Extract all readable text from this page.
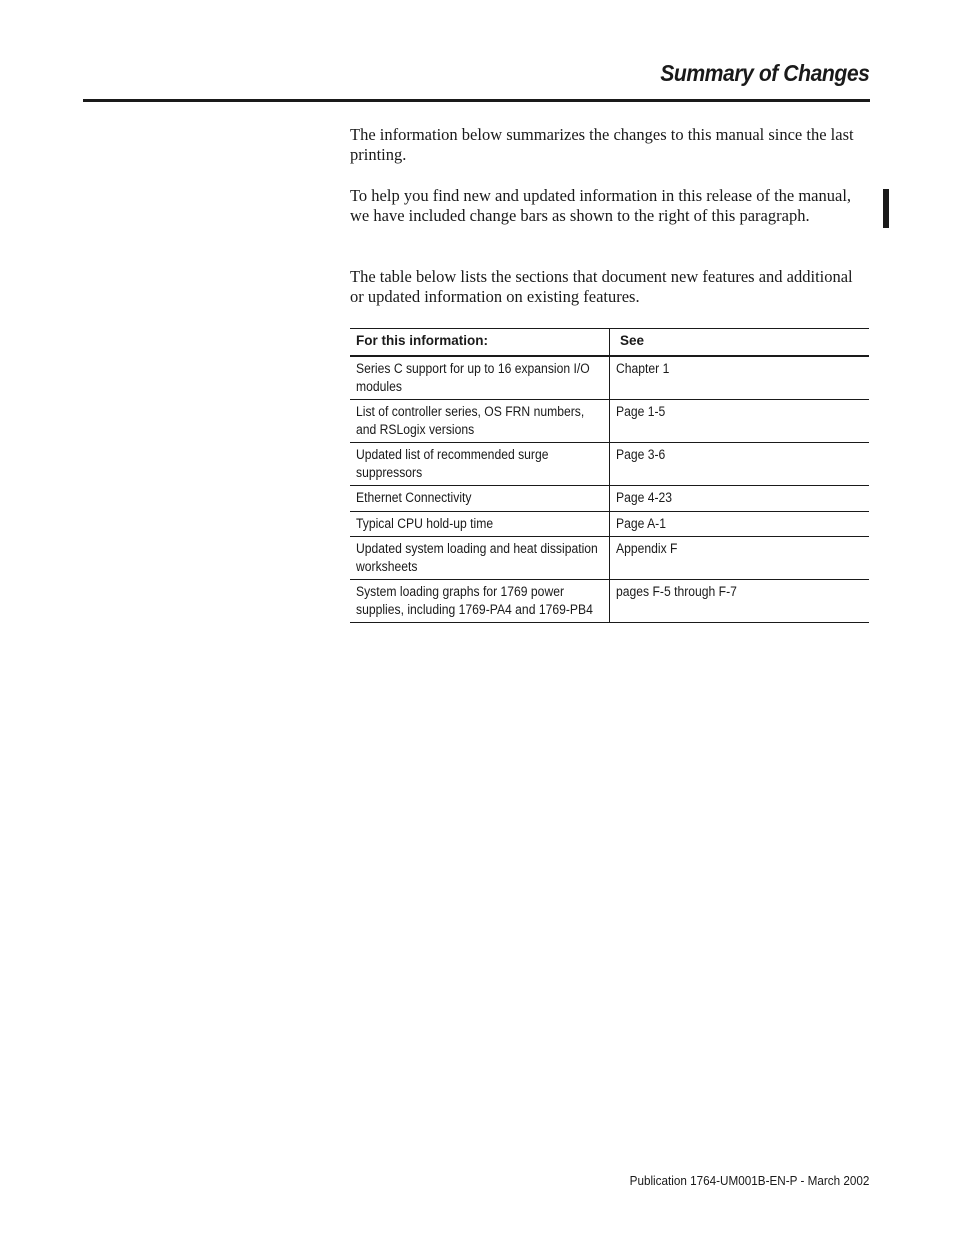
Summary of Changes

The information below summarizes the changes to this manual since the last printing.

To help you find new and updated information in this release of the manual, we have included change bars as shown to the right of this paragraph.

The table below lists the sections that document new features and additional or updated information on existing features.

For this information:	See

Series C support for up to 16 expansion I/O modules	Chapter 1

List of controller series, OS FRN numbers, and RSLogix versions	Page 1-5

Updated list of recommended surge suppressors	Page 3-6

Ethernet Connectivity	Page 4-23

Typical CPU hold-up time	Page A-1

Updated system loading and heat dissipation worksheets	Appendix F

System loading graphs for 1769 power supplies, including 1769-PA4 and 1769-PB4	pages F-5 through F-7

Publication 1764-UM001B-EN-P - March 2002
